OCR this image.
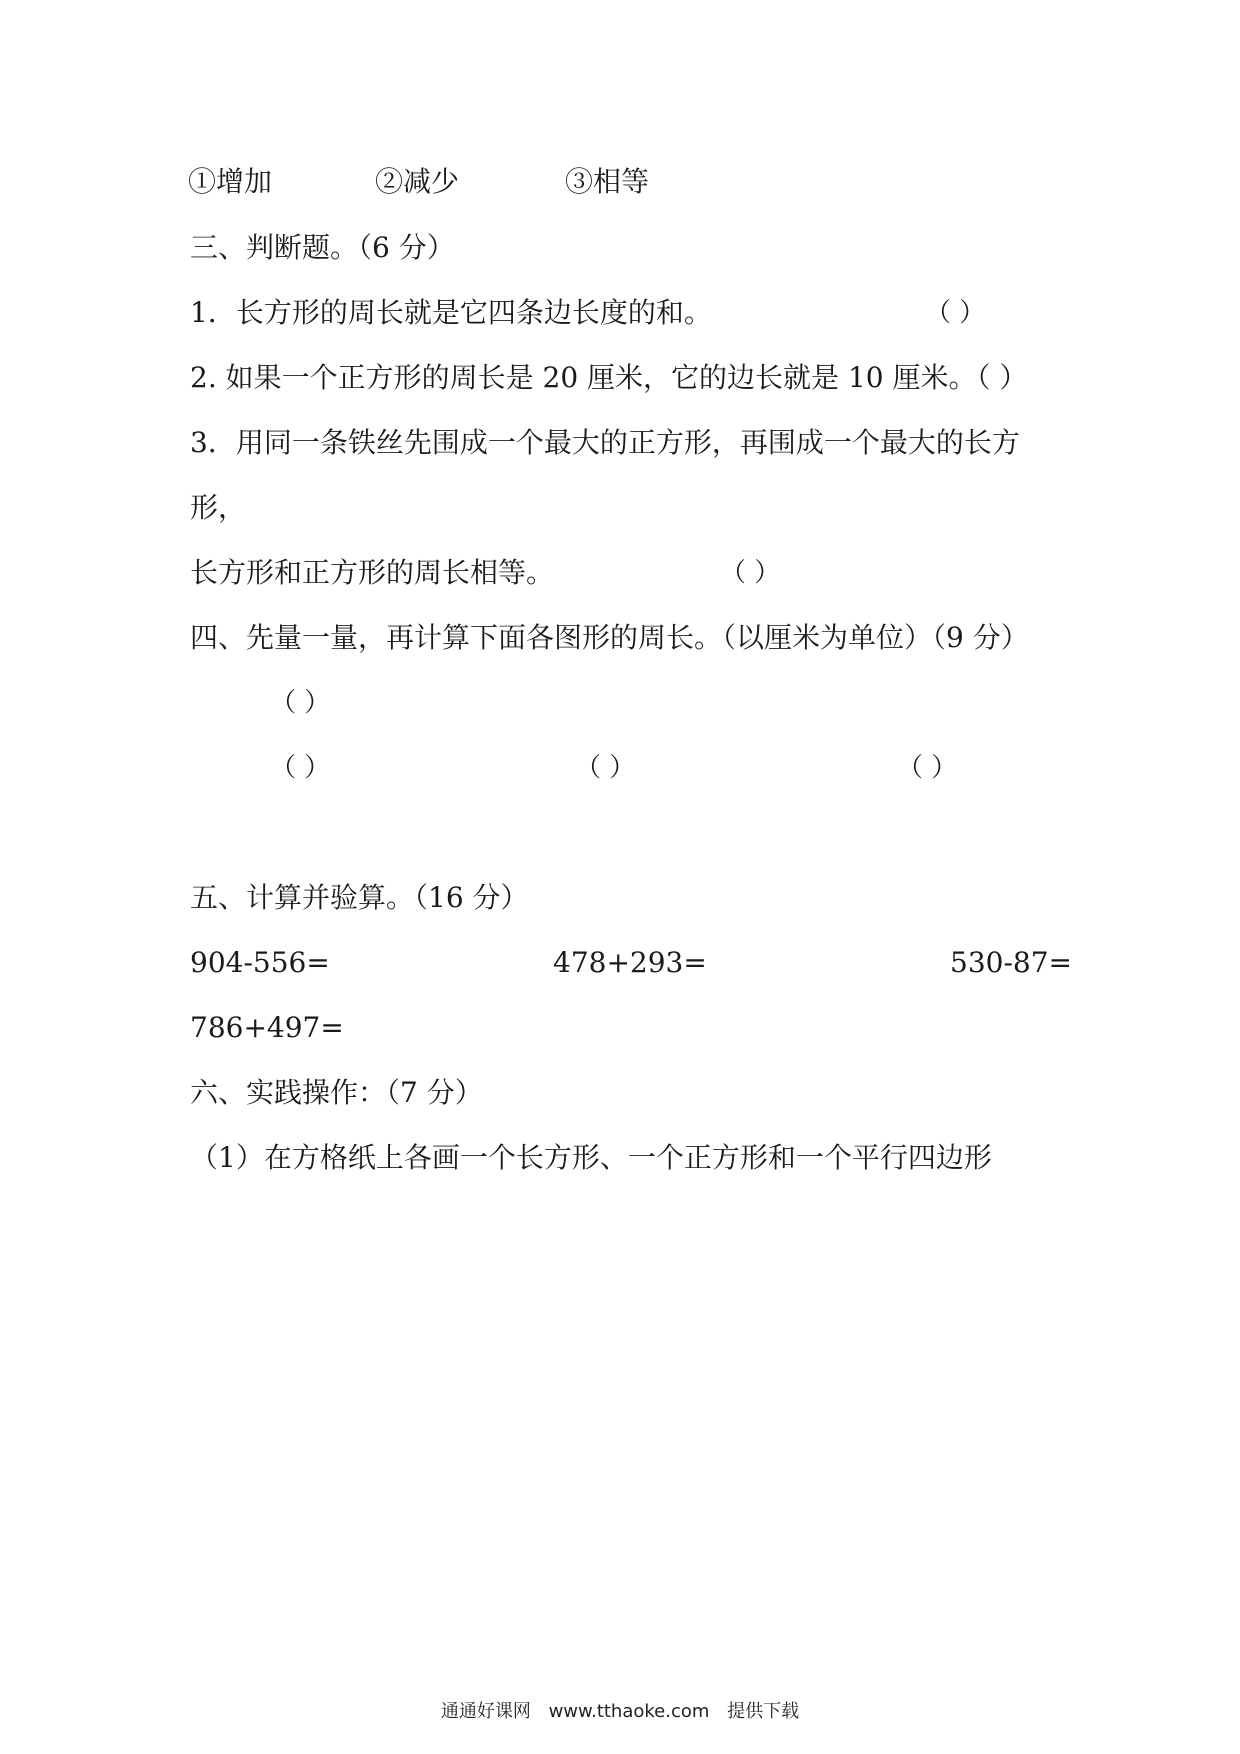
①增加	②减少	③相等
三、判断题。（6 分）
1．长方形的周长就是它四条边长度的和。	（ ）
2. 如果一个正方形的周长是 20 厘米，它的边长就是 10 厘米。（ ）
3．用同一条铁丝先围成一个最大的正方形，再围成一个最大的长方
形，
长方形和正方形的周长相等。	（ ）
四、先量一量，再计算下面各图形的周长。（以厘米为单位）（9 分）
（ ）
（ ）	（ ）	（ ）
五、计算并验算。（16 分）
904-556=	478+293=	530-87=
786+497=
六、实践操作：（7 分）
（1）在方格纸上各画一个长方形、一个正方形和一个平行四边形
通通好课网 www.tthaoke.com 提供下载
